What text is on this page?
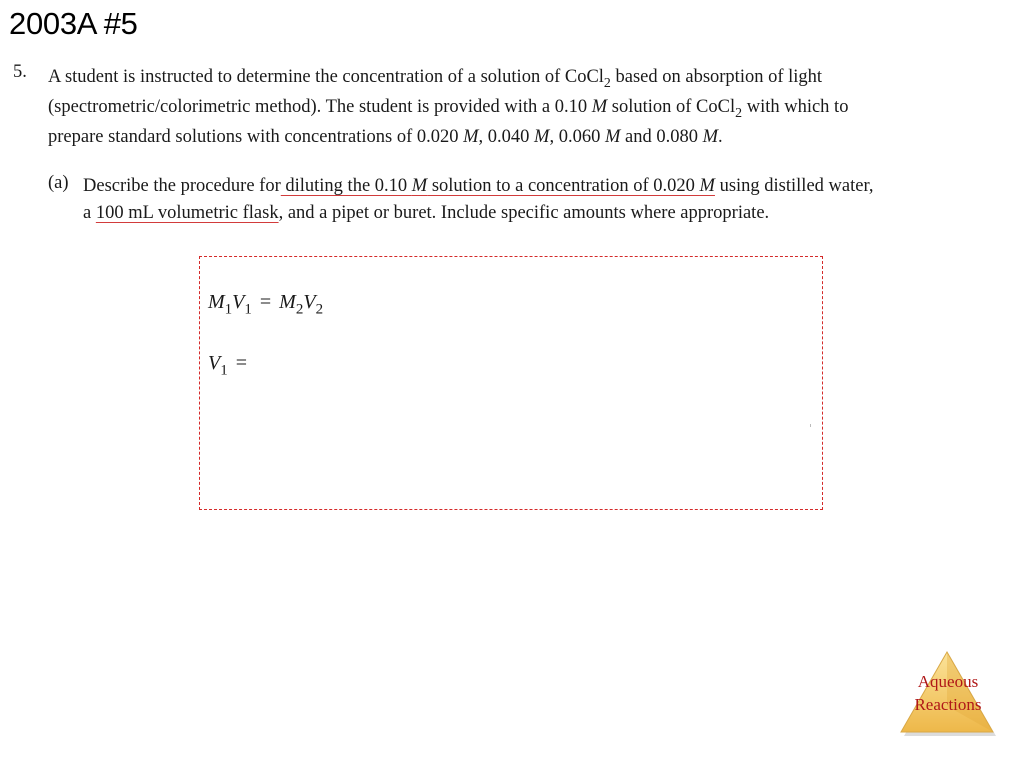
2003A #5
5. A student is instructed to determine the concentration of a solution of CoCl$_2$ based on absorption of light
(spectrometric/colorimetric method). The student is provided with a 0.10 M solution of CoCl$_2$ with which to
prepare standard solutions with concentrations of 0.020 M, 0.040 M, 0.060 M and 0.080 M.
(a) Describe the procedure for diluting the 0.10 M solution to a concentration of 0.020 M using distilled water,
a 100 mL volumetric flask, and a pipet or buret. Include specific amounts where appropriate.
$M_1V_1 = M_2V_2$
$V_1$ =
Aqueous
Reactions
